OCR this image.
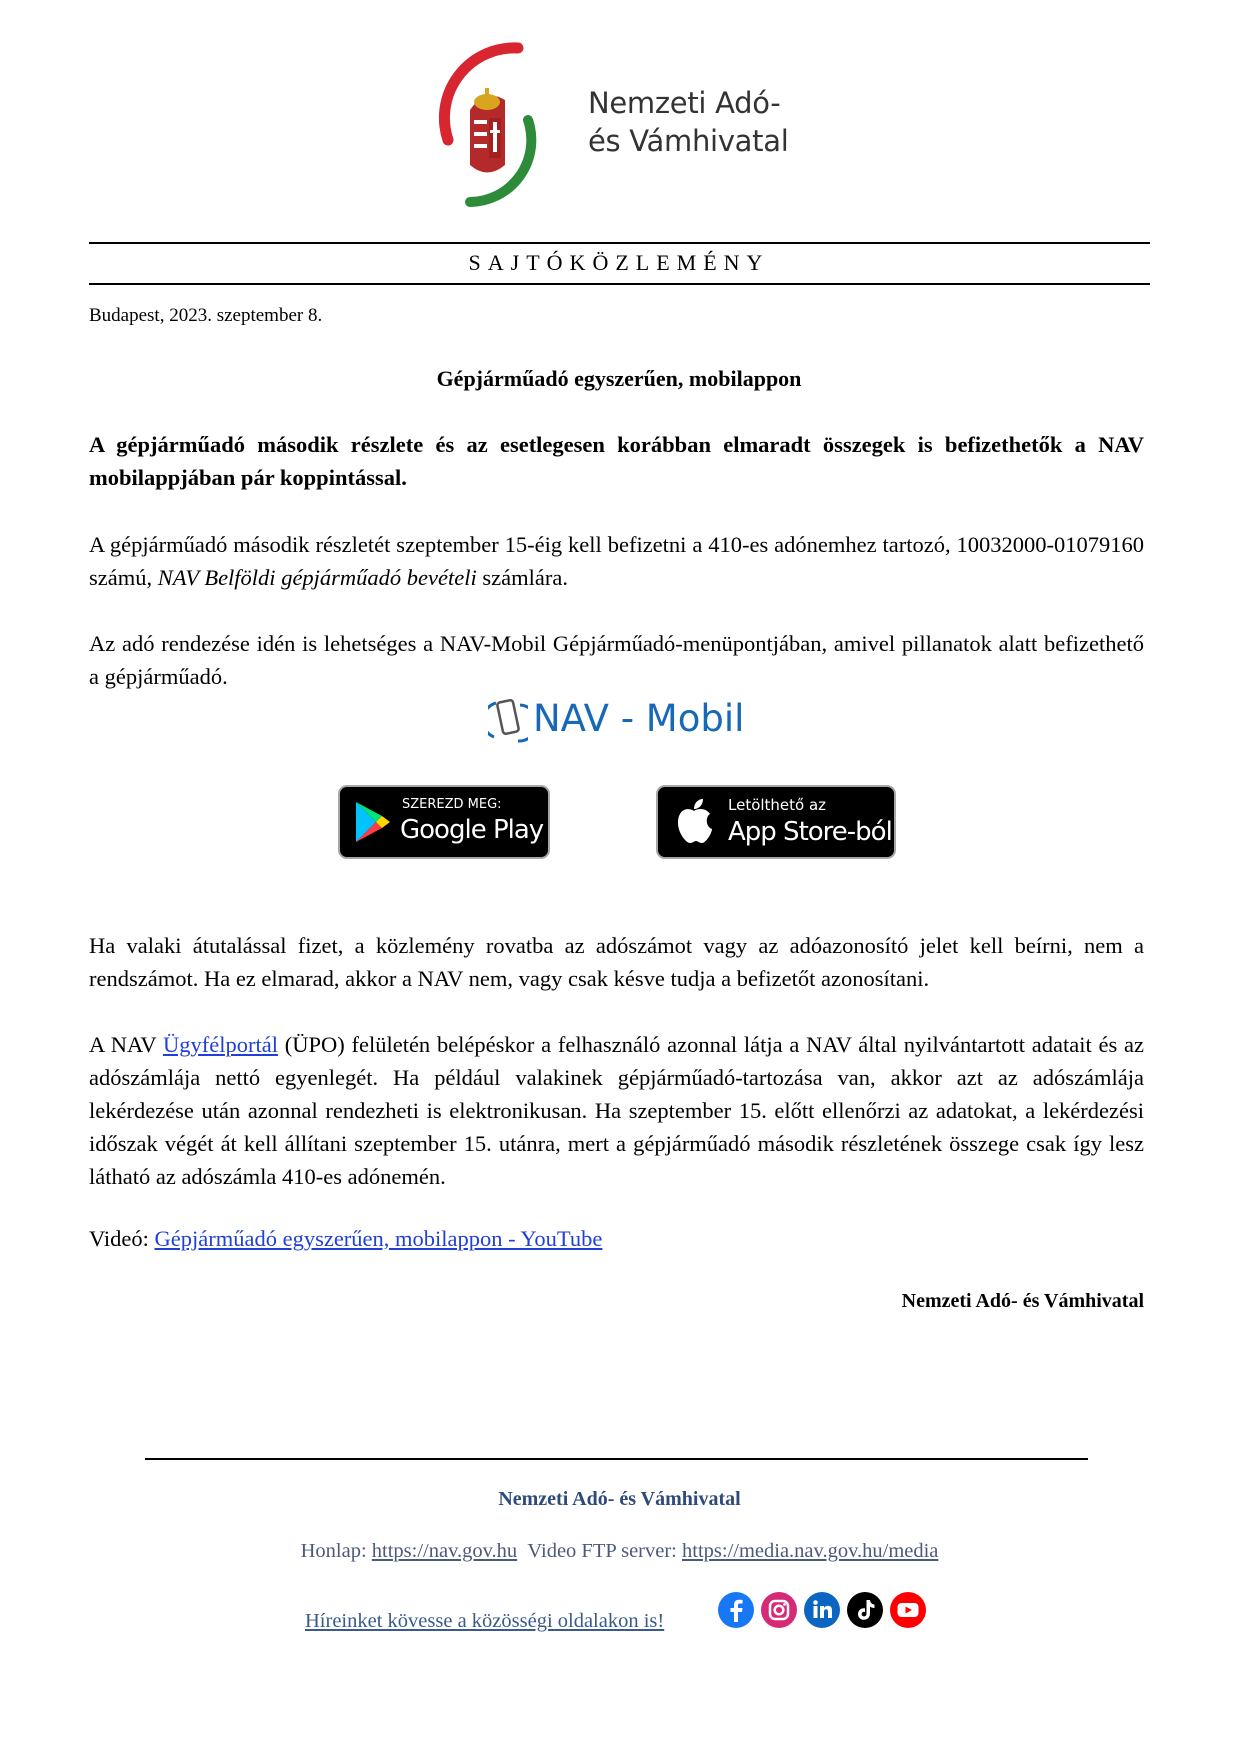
Nemzeti Adó-
és Vámhivatal
SAJTÓKÖZLEMÉNY
Budapest, 2023. szeptember 8.
Gépjárműadó egyszerűen, mobilappon
A gépjárműadó második részlete és az esetlegesen korábban elmaradt összegek is befizethetők a NAV mobilappjában pár koppintással.
A gépjárműadó második részletét szeptember 15-éig kell befizetni a 410-es adónemhez tartozó, 10032000-01079160 számú, NAV Belföldi gépjárműadó bevételi számlára.
Az adó rendezése idén is lehetséges a NAV-Mobil Gépjárműadó-menüpontjában, amivel pillanatok alatt befizethető a gépjárműadó.
NAV - Mobil
SZEREZD MEG:
Google Play
Letölthető az
App Store-ból
Ha valaki átutalással fizet, a közlemény rovatba az adószámot vagy az adóazonosító jelet kell beírni, nem a rendszámot. Ha ez elmarad, akkor a NAV nem, vagy csak késve tudja a befizetőt azonosítani.
A NAV Ügyfélportál (ÜPO) felületén belépéskor a felhasználó azonnal látja a NAV által nyilvántartott adatait és az adószámlája nettó egyenlegét. Ha például valakinek gépjárműadó-tartozása van, akkor azt az adószámlája lekérdezése után azonnal rendezheti is elektronikusan. Ha szeptember 15. előtt ellenőrzi az adatokat, a lekérdezési időszak végét át kell állítani szeptember 15. utánra, mert a gépjárműadó második részletének összege csak így lesz látható az adószámla 410-es adónemén.
Videó: Gépjárműadó egyszerűen, mobilappon - YouTube
Nemzeti Adó- és Vámhivatal
Nemzeti Adó- és Vámhivatal
Honlap: https://nav.gov.hu Video FTP server: https://media.nav.gov.hu/media
Híreinket kövesse a közösségi oldalakon is!
